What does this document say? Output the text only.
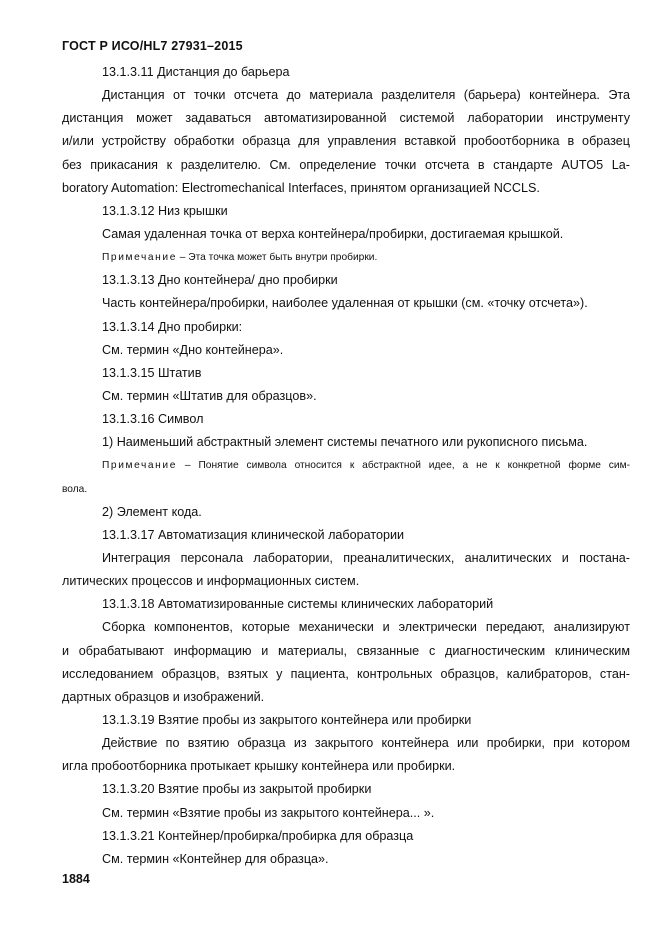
ГОСТ Р ИСО/HL7 27931–2015
13.1.3.11 Дистанция до барьера
Дистанция от точки отсчета до материала разделителя (барьера) контейнера. Эта
дистанция может задаваться автоматизированной системой лаборатории инструменту
и/или устройству обработки образца для управления вставкой пробоотборника в образец
без прикасания к разделителю. См. определение точки отсчета в стандарте AUTO5 La-
boratory Automation: Electromechanical Interfaces, принятом организацией NCCLS.
13.1.3.12 Низ крышки
Самая удаленная точка от верха контейнера/пробирки, достигаемая крышкой.
Примечание – Эта точка может быть внутри пробирки.
13.1.3.13 Дно контейнера/ дно пробирки
Часть контейнера/пробирки, наиболее удаленная от крышки (см. «точку отсчета»).
13.1.3.14 Дно пробирки:
См. термин «Дно контейнера».
13.1.3.15 Штатив
См. термин «Штатив для образцов».
13.1.3.16 Символ
1) Наименьший абстрактный элемент системы печатного или рукописного письма.
Примечание – Понятие символа относится к абстрактной идее, а не к конкретной форме сим-
вола.
2) Элемент кода.
13.1.3.17 Автоматизация клинической лаборатории
Интеграция персонала лаборатории, преаналитических, аналитических и постана-
литических процессов и информационных систем.
13.1.3.18 Автоматизированные системы клинических лабораторий
Сборка компонентов, которые механически и электрически передают, анализируют
и обрабатывают информацию и материалы, связанные с диагностическим клиническим
исследованием образцов, взятых у пациента, контрольных образцов, калибраторов, стан-
дартных образцов и изображений.
13.1.3.19 Взятие пробы из закрытого контейнера или пробирки
Действие по взятию образца из закрытого контейнера или пробирки, при котором
игла пробоотборника протыкает крышку контейнера или пробирки.
13.1.3.20 Взятие пробы из закрытой пробирки
См. термин «Взятие пробы из закрытого контейнера... ».
13.1.3.21 Контейнер/пробирка/пробирка для образца
См. термин «Контейнер для образца».
1884
